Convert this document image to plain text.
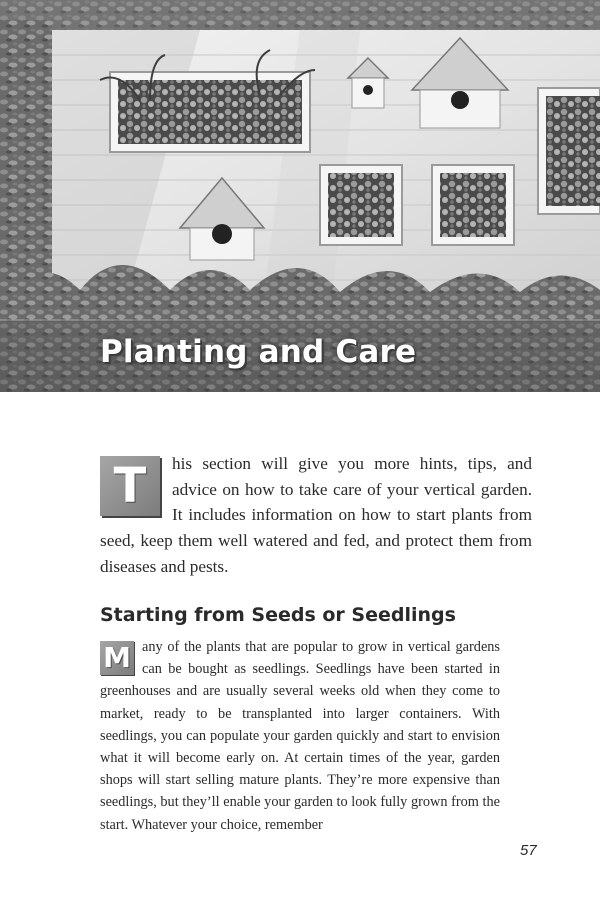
Planting and Care

T	his section will give you more hints, tips, and advice on how to take care of your vertical garden. It includes information on how to start plants from seed, keep them well watered and fed, and protect them from diseases and pests.

Starting from Seeds or Seedlings

M any of the plants that are popular to grow in vertical gardens can be bought as seedlings. Seedlings have been started in greenhouses and are usually several weeks old when they come to market, ready to be transplanted into larger containers. With seedlings, you can populate your garden quickly and start to envision what it will become early on. At certain times of the year, garden shops will start selling mature plants. They’re more expensive than seedlings, but they’ll enable your garden to look fully grown from the start. Whatever your choice, remember

57
